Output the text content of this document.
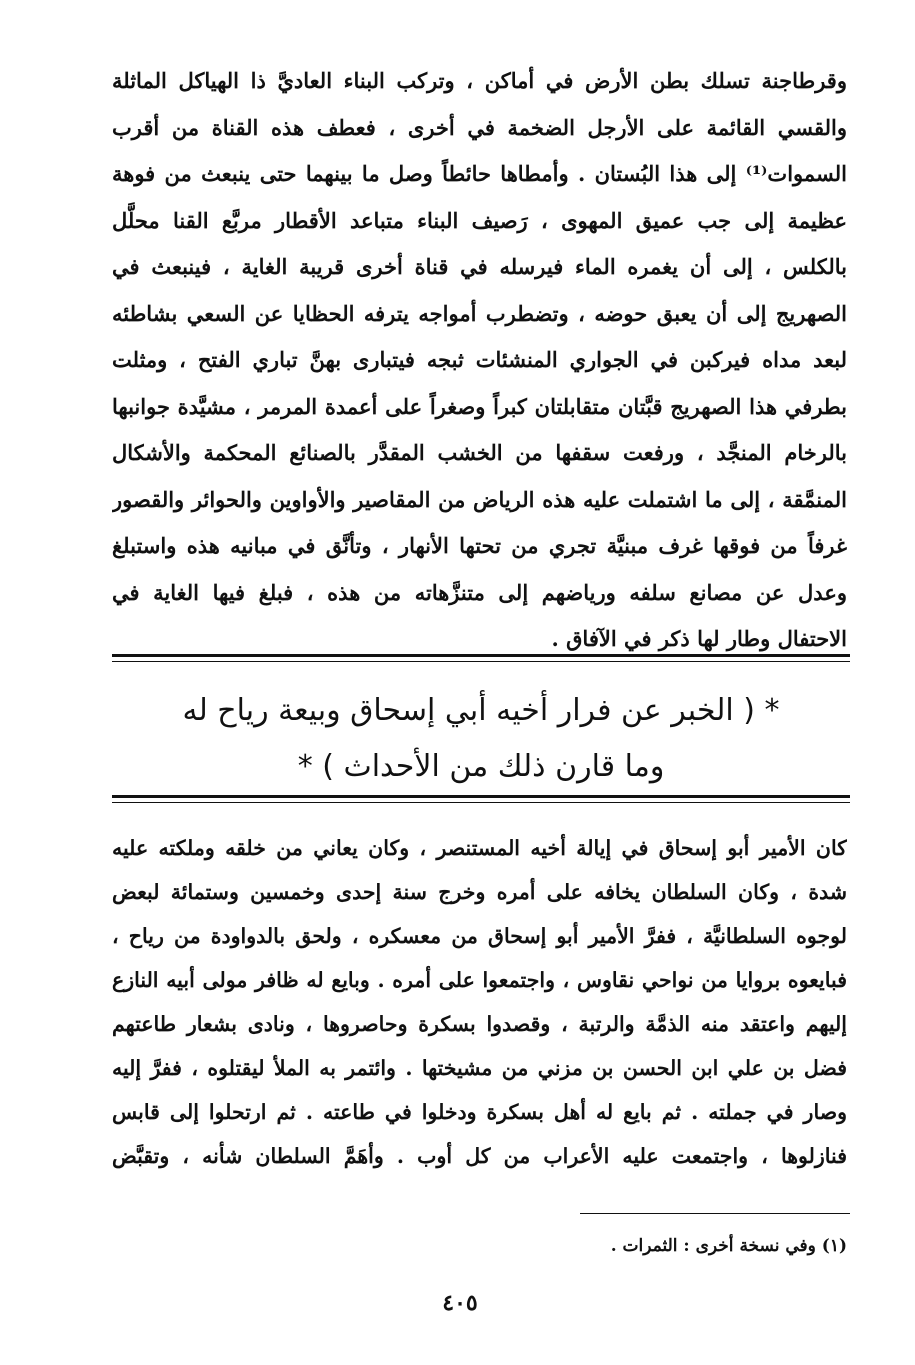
وقرطاجنة تسلك بطن الأرض في أماكن ، وتركب البناء العاديَّ ذا الهياكل الماثلة
والقسي القائمة على الأرجل الضخمة في أخرى ، فعطف هذه القناة من أقرب
السموات⁽¹⁾ إلى هذا البُستان . وأمطاها حائطاً وصل ما بينهما حتى ينبعث من فوهة
عظيمة إلى جب عميق المهوى ، رَصيف البناء متباعد الأقطار مربَّع القنا محلَّل
بالكلس ، إلى أن يغمره الماء فيرسله في قناة أخرى قريبة الغاية ، فينبعث في
الصهريج إلى أن يعبق حوضه ، وتضطرب أمواجه يترفه الحظايا عن السعي بشاطئه
لبعد مداه فيركبن في الجواري المنشئات ثبجه فيتبارى بهنَّ تباري الفتح ، ومثلت
بطرفي هذا الصهريج قبَّتان متقابلتان كبراً وصغراً على أعمدة المرمر ، مشيَّدة جوانبها
بالرخام المنجَّد ، ورفعت سقفها من الخشب المقدَّر بالصنائع المحكمة والأشكال
المنمَّقة ، إلى ما اشتملت عليه هذه الرياض من المقاصير والأواوين والحوائر والقصور
غرفاً من فوقها غرف مبنيَّة تجري من تحتها الأنهار ، وتأنَّق في مبانيه هذه واستبلغ
وعدل عن مصانع سلفه ورياضهم إلى متنزَّهاته من هذه ، فبلغ فيها الغاية في
الاحتفال وطار لها ذكر في الآفاق .
* ( الخبر عن فرار أخيه أبي إسحاق وبيعة رياح له
وما قارن ذلك من الأحداث ) *
كان الأمير أبو إسحاق في إيالة أخيه المستنصر ، وكان يعاني من خلقه وملكته عليه
شدة ، وكان السلطان يخافه على أمره وخرج سنة إحدى وخمسين وستمائة لبعض
لوجوه السلطانيَّة ، ففرَّ الأمير أبو إسحاق من معسكره ، ولحق بالدواودة من رياح ،
فبايعوه بروايا من نواحي نقاوس ، واجتمعوا على أمره . وبايع له ظافر مولى أبيه النازع
إليهم واعتقد منه الذمَّة والرتبة ، وقصدوا بسكرة وحاصروها ، ونادى بشعار طاعتهم
فضل بن علي ابن الحسن بن مزني من مشيختها . وائتمر به الملأ ليقتلوه ، ففرَّ إليه
وصار في جملته . ثم بايع له أهل بسكرة ودخلوا في طاعته . ثم ارتحلوا إلى قابس
فنازلوها ، واجتمعت عليه الأعراب من كل أوب . وأهَمَّ السلطان شأنه ، وتقبَّض
(١) وفي نسخة أخرى : الثمرات .
٤٠٥
